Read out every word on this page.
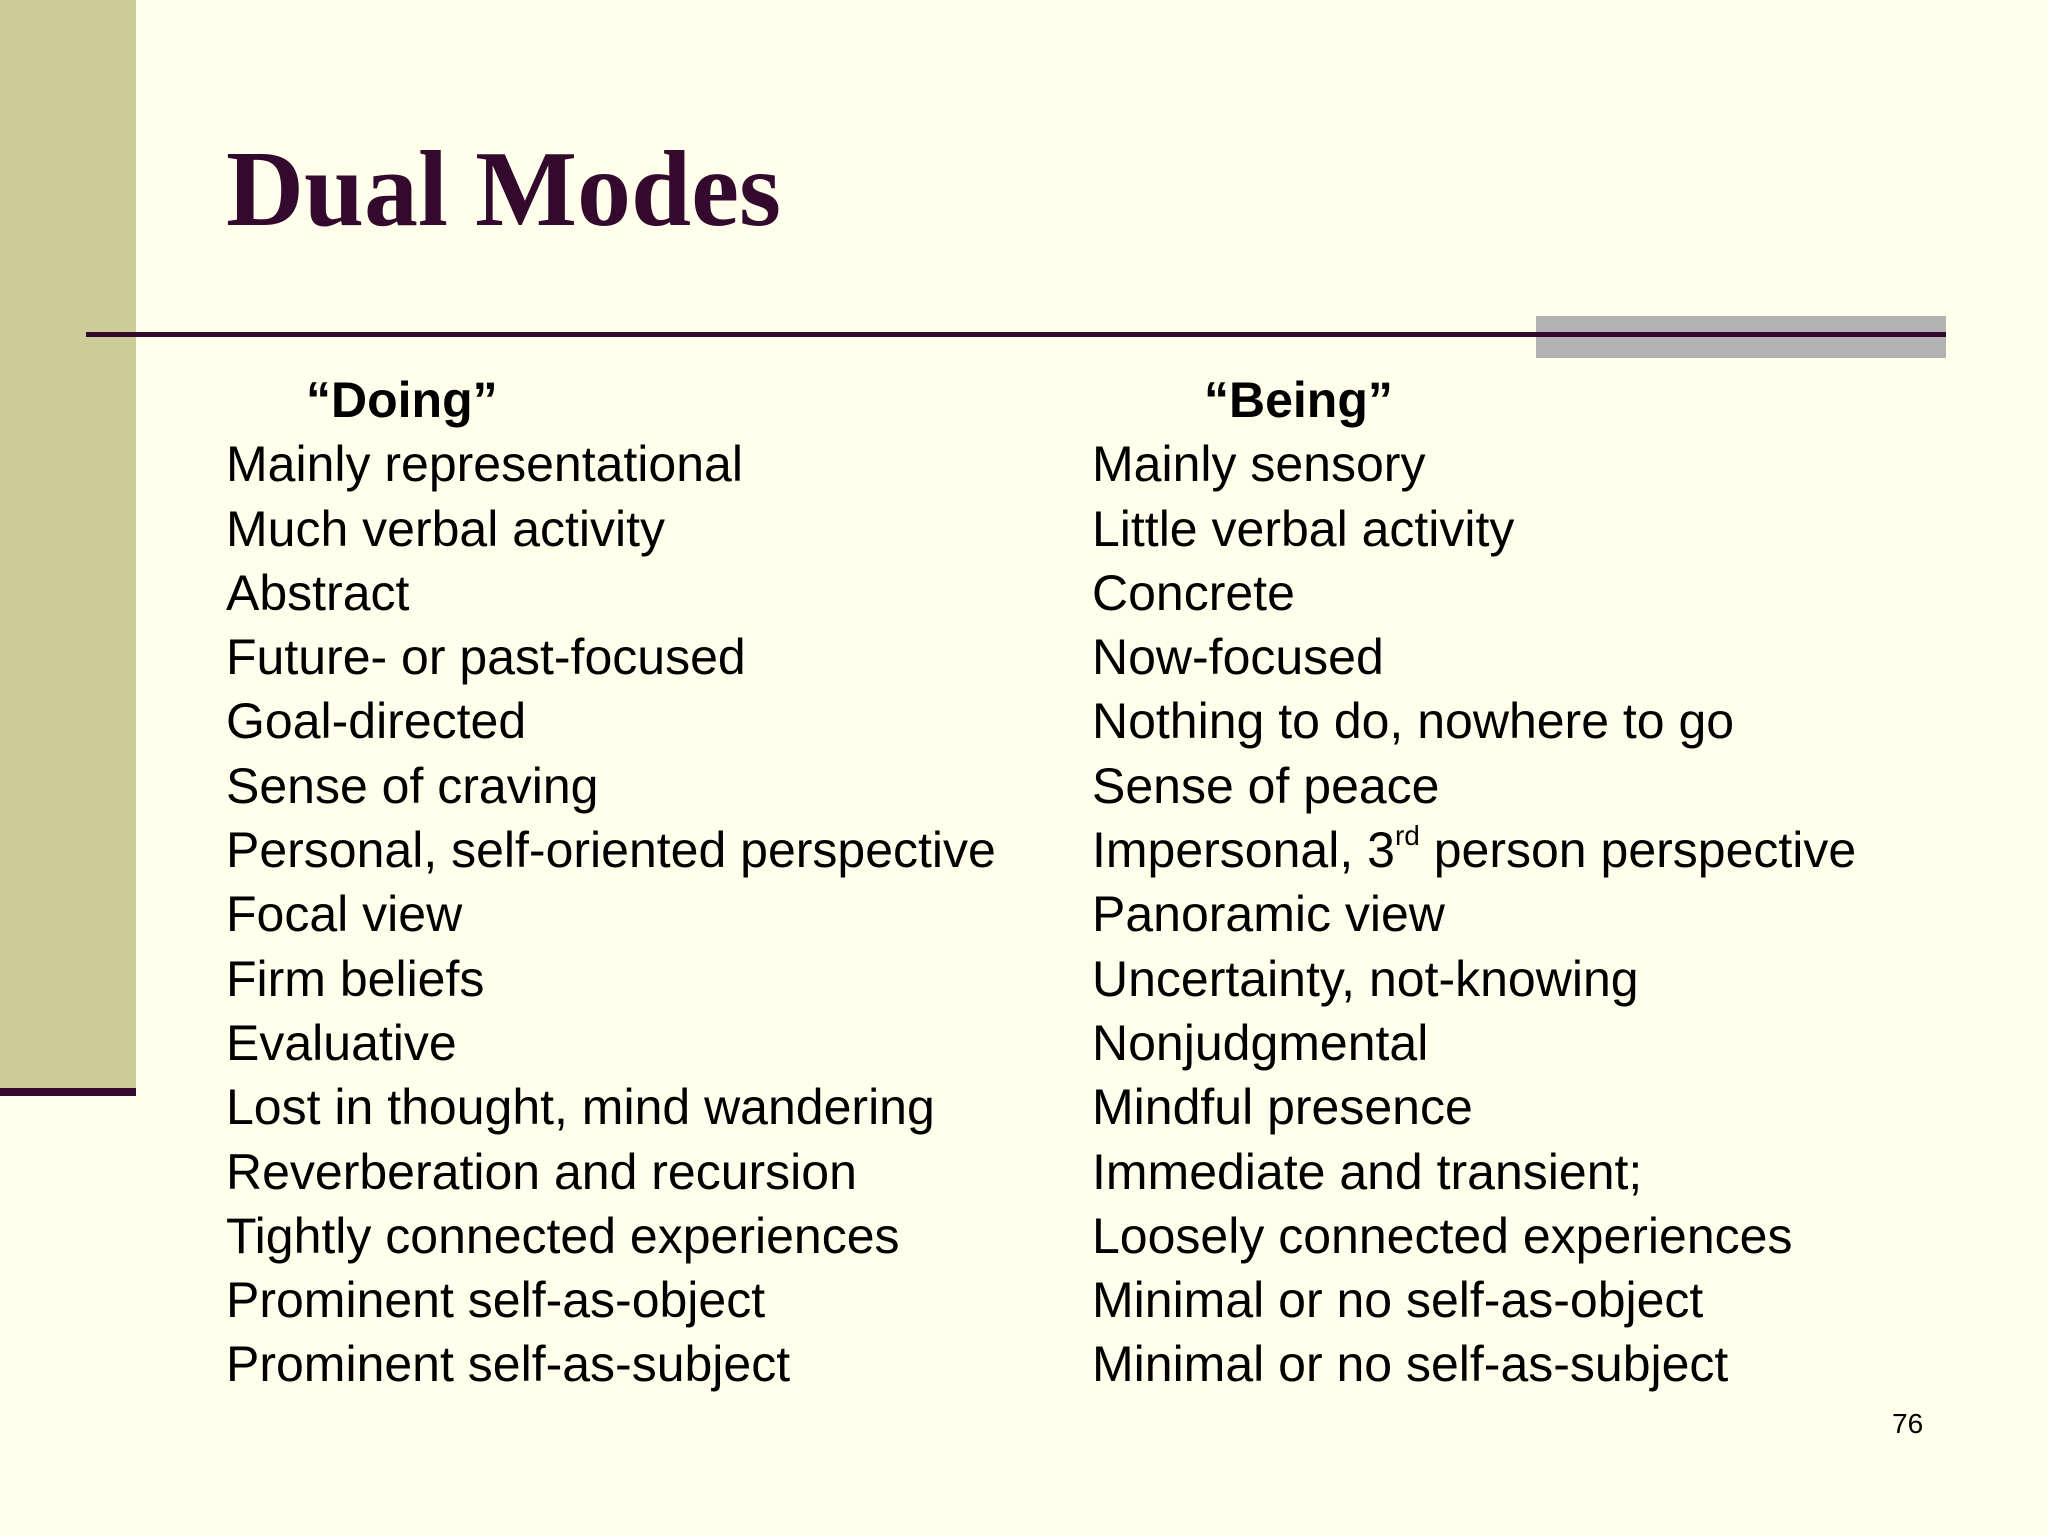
Dual Modes
“Doing”
Mainly representational
Much verbal activity
Abstract
Future- or past-focused
Goal-directed
Sense of craving
Personal, self-oriented perspective
Focal view
Firm beliefs
Evaluative
Lost in thought, mind wandering
Reverberation and recursion
Tightly connected experiences
Prominent self-as-object
Prominent self-as-subject
“Being”
Mainly sensory
Little verbal activity
Concrete
Now-focused
Nothing to do, nowhere to go
Sense of peace
Impersonal, 3rd person perspective
Panoramic view
Uncertainty, not-knowing
Nonjudgmental
Mindful presence
Immediate and transient;
Loosely connected experiences
Minimal or no self-as-object
Minimal or no self-as-subject
76
